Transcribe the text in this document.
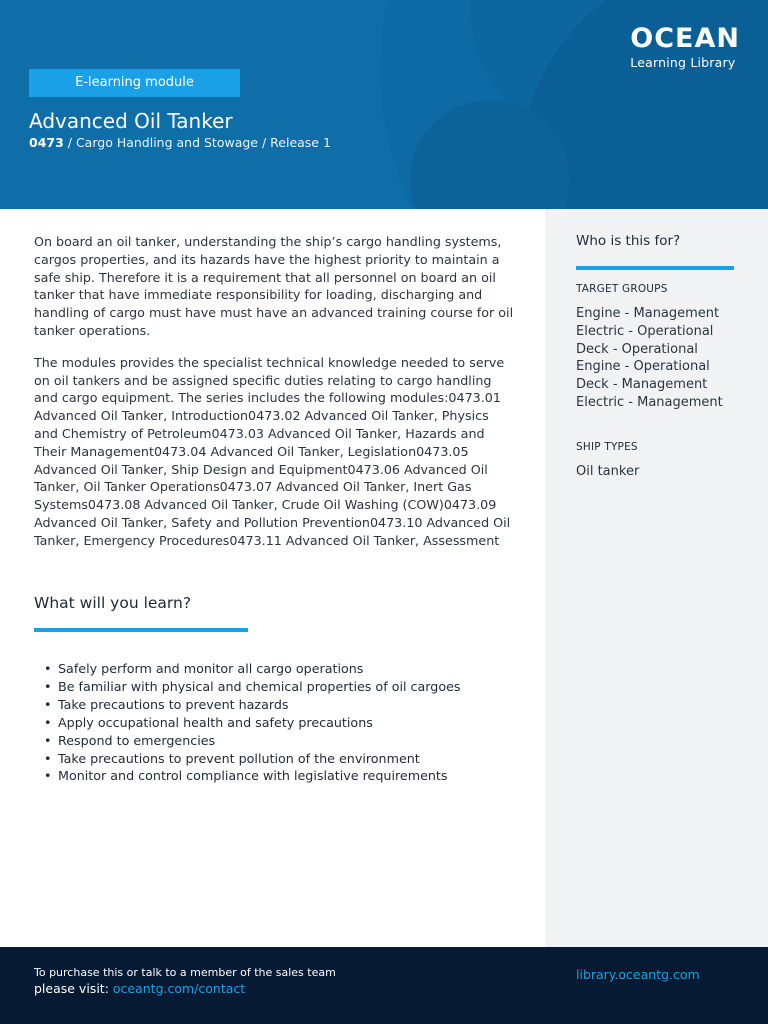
OCEAN
Learning Library
E-learning module
Advanced Oil Tanker
0473 / Cargo Handling and Stowage / Release 1

On board an oil tanker, understanding the ship’s cargo handling systems, cargos properties, and its hazards have the highest priority to maintain a safe ship. Therefore it is a requirement that all personnel on board an oil tanker that have immediate responsibility for loading, discharging and handling of cargo must have must have an advanced training course for oil tanker operations.

The modules provides the specialist technical knowledge needed to serve on oil tankers and be assigned specific duties relating to cargo handling and cargo equipment. The series includes the following modules:0473.01 Advanced Oil Tanker, Introduction0473.02 Advanced Oil Tanker, Physics and Chemistry of Petroleum0473.03 Advanced Oil Tanker, Hazards and Their Management0473.04 Advanced Oil Tanker, Legislation0473.05 Advanced Oil Tanker, Ship Design and Equipment0473.06 Advanced Oil Tanker, Oil Tanker Operations0473.07 Advanced Oil Tanker, Inert Gas Systems0473.08 Advanced Oil Tanker, Crude Oil Washing (COW)0473.09 Advanced Oil Tanker, Safety and Pollution Prevention0473.10 Advanced Oil Tanker, Emergency Procedures0473.11 Advanced Oil Tanker, Assessment

What will you learn?
• Safely perform and monitor all cargo operations
• Be familiar with physical and chemical properties of oil cargoes
• Take precautions to prevent hazards
• Apply occupational health and safety precautions
• Respond to emergencies
• Take precautions to prevent pollution of the environment
• Monitor and control compliance with legislative requirements
Who is this for?
TARGET GROUPS
Engine - Management
Electric - Operational
Deck - Operational
Engine - Operational
Deck - Management
Electric - Management
SHIP TYPES
Oil tanker
To purchase this or talk to a member of the sales team
please visit: oceantg.com/contact
library.oceantg.com
